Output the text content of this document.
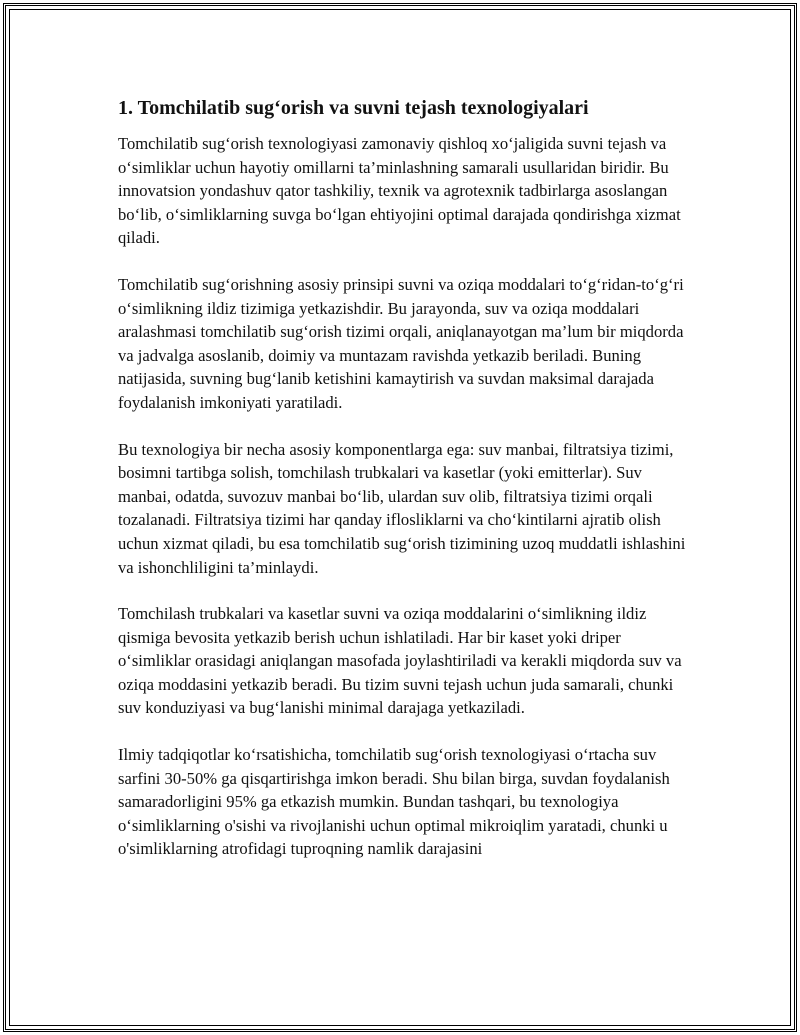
1. Tomchilatib sug‘orish va suvni tejash texnologiyalari

Tomchilatib sug‘orish texnologiyasi zamonaviy qishloq xo‘jaligida suvni tejash va o‘simliklar uchun hayotiy omillarni ta’minlashning samarali usullaridan biridir. Bu innovatsion yondashuv qator tashkiliy, texnik va agrotexnik tadbirlarga asoslangan bo‘lib, o‘simliklarning suvga bo‘lgan ehtiyojini optimal darajada qondirishga xizmat qiladi.

Tomchilatib sug‘orishning asosiy prinsipi suvni va oziqa moddalari to‘g‘ridan-to‘g‘ri o‘simlikning ildiz tizimiga yetkazishdir. Bu jarayonda, suv va oziqa moddalari aralashmasi tomchilatib sug‘orish tizimi orqali, aniqlanayotgan ma’lum bir miqdorda va jadvalga asoslanib, doimiy va muntazam ravishda yetkazib beriladi. Buning natijasida, suvning bug‘lanib ketishini kamaytirish va suvdan maksimal darajada foydalanish imkoniyati yaratiladi.

Bu texnologiya bir necha asosiy komponentlarga ega: suv manbai, filtratsiya tizimi, bosimni tartibga solish, tomchilash trubkalari va kasetlar (yoki emitterlar). Suv manbai, odatda, suvozuv manbai bo‘lib, ulardan suv olib, filtratsiya tizimi orqali tozalanadi. Filtratsiya tizimi har qanday iflosliklarni va cho‘kintilarni ajratib olish uchun xizmat qiladi, bu esa tomchilatib sug‘orish tizimining uzoq muddatli ishlashini va ishonchliligini ta’minlaydi.

Tomchilash trubkalari va kasetlar suvni va oziqa moddalarini o‘simlikning ildiz qismiga bevosita yetkazib berish uchun ishlatiladi. Har bir kaset yoki driper o‘simliklar orasidagi aniqlangan masofada joylashtiriladi va kerakli miqdorda suv va oziqa moddasini yetkazib beradi. Bu tizim suvni tejash uchun juda samarali, chunki suv konduziyasi va bug‘lanishi minimal darajaga yetkaziladi.

Ilmiy tadqiqotlar ko‘rsatishicha, tomchilatib sug‘orish texnologiyasi o‘rtacha suv sarfini 30-50% ga qisqartirishga imkon beradi. Shu bilan birga, suvdan foydalanish samaradorligini 95% ga etkazish mumkin. Bundan tashqari, bu texnologiya o‘simliklarning o'sishi va rivojlanishi uchun optimal mikroiqlim yaratadi, chunki u o'simliklarning atrofidagi tuproqning namlik darajasini
